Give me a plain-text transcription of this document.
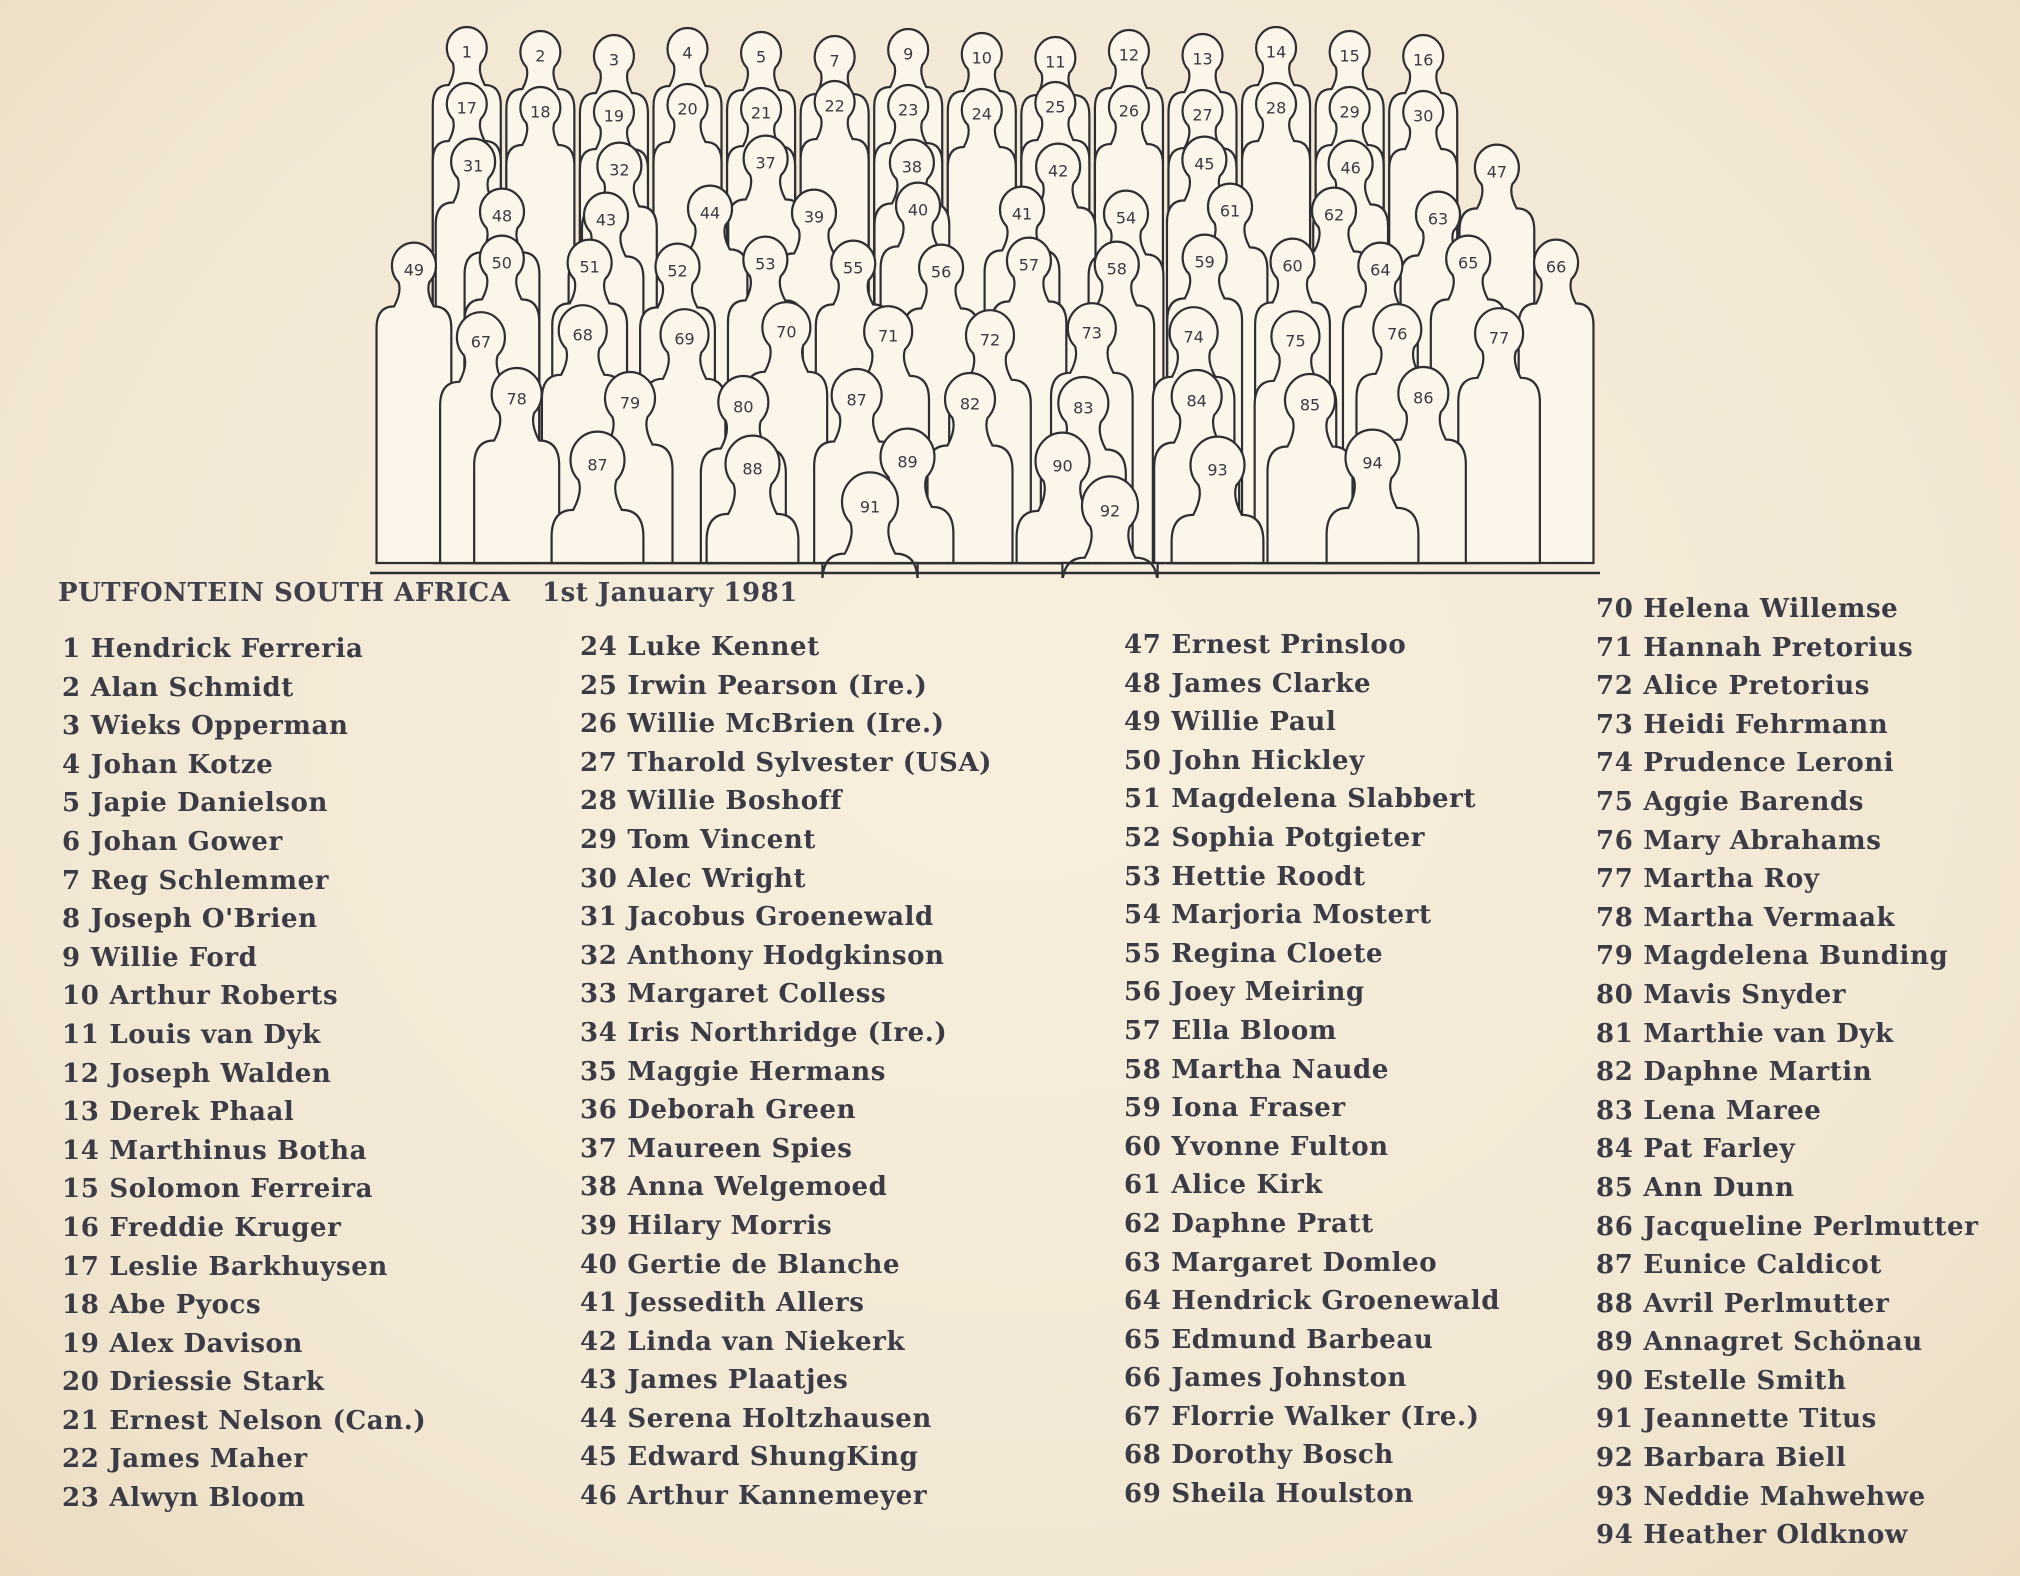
1	2	3	4	5	7	9	10	11	12	13	14	15	16
17	18	19	20	21	22	23	24	25	26	27	28	29	30
31	32	37	38	42	45	46	47
48	43	44	39	40	41	54	61	62	63
49	50	51	52	53	55	56	57	58	59	60	64	65	66
67	68	69	70	71	72	73	74	75	76	77
78	79	80	87	82	83	84	85	86
87	88	89	90	93	94
91	92
PUTFONTEIN SOUTH AFRICA 1st January 1981
1 Hendrick Ferreria
2 Alan Schmidt
3 Wieks Opperman
4 Johan Kotze
5 Japie Danielson
6 Johan Gower
7 Reg Schlemmer
8 Joseph O'Brien
9 Willie Ford
10 Arthur Roberts
11 Louis van Dyk
12 Joseph Walden
13 Derek Phaal
14 Marthinus Botha
15 Solomon Ferreira
16 Freddie Kruger
17 Leslie Barkhuysen
18 Abe Pyocs
19 Alex Davison
20 Driessie Stark
21 Ernest Nelson (Can.)
22 James Maher
23 Alwyn Bloom
24 Luke Kennet
25 Irwin Pearson (Ire.)
26 Willie McBrien (Ire.)
27 Tharold Sylvester (USA)
28 Willie Boshoff
29 Tom Vincent
30 Alec Wright
31 Jacobus Groenewald
32 Anthony Hodgkinson
33 Margaret Colless
34 Iris Northridge (Ire.)
35 Maggie Hermans
36 Deborah Green
37 Maureen Spies
38 Anna Welgemoed
39 Hilary Morris
40 Gertie de Blanche
41 Jessedith Allers
42 Linda van Niekerk
43 James Plaatjes
44 Serena Holtzhausen
45 Edward ShungKing
46 Arthur Kannemeyer
47 Ernest Prinsloo
48 James Clarke
49 Willie Paul
50 John Hickley
51 Magdelena Slabbert
52 Sophia Potgieter
53 Hettie Roodt
54 Marjoria Mostert
55 Regina Cloete
56 Joey Meiring
57 Ella Bloom
58 Martha Naude
59 Iona Fraser
60 Yvonne Fulton
61 Alice Kirk
62 Daphne Pratt
63 Margaret Domleo
64 Hendrick Groenewald
65 Edmund Barbeau
66 James Johnston
67 Florrie Walker (Ire.)
68 Dorothy Bosch
69 Sheila Houlston
70 Helena Willemse
71 Hannah Pretorius
72 Alice Pretorius
73 Heidi Fehrmann
74 Prudence Leroni
75 Aggie Barends
76 Mary Abrahams
77 Martha Roy
78 Martha Vermaak
79 Magdelena Bunding
80 Mavis Snyder
81 Marthie van Dyk
82 Daphne Martin
83 Lena Maree
84 Pat Farley
85 Ann Dunn
86 Jacqueline Perlmutter
87 Eunice Caldicot
88 Avril Perlmutter
89 Annagret Schönau
90 Estelle Smith
91 Jeannette Titus
92 Barbara Biell
93 Neddie Mahwehwe
94 Heather Oldknow
